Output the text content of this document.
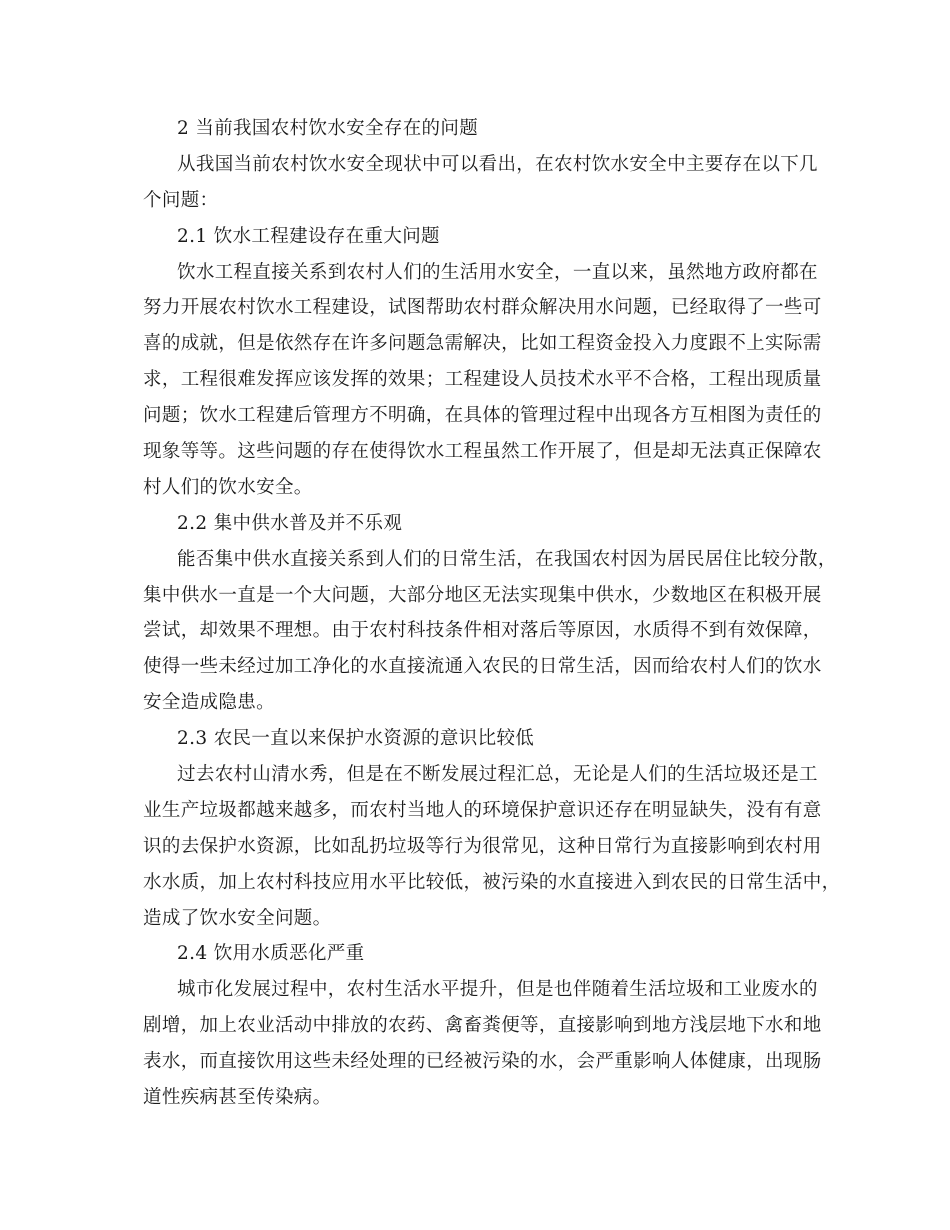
2 当前我国农村饮水安全存在的问题
从我国当前农村饮水安全现状中可以看出，在农村饮水安全中主要存在以下几
个问题：
2.1 饮水工程建设存在重大问题
饮水工程直接关系到农村人们的生活用水安全，一直以来，虽然地方政府都在
努力开展农村饮水工程建设，试图帮助农村群众解决用水问题，已经取得了一些可
喜的成就，但是依然存在许多问题急需解决，比如工程资金投入力度跟不上实际需
求，工程很难发挥应该发挥的效果；工程建设人员技术水平不合格，工程出现质量
问题；饮水工程建后管理方不明确，在具体的管理过程中出现各方互相图为责任的
现象等等。这些问题的存在使得饮水工程虽然工作开展了，但是却无法真正保障农
村人们的饮水安全。
2.2 集中供水普及并不乐观
能否集中供水直接关系到人们的日常生活，在我国农村因为居民居住比较分散，
集中供水一直是一个大问题，大部分地区无法实现集中供水，少数地区在积极开展
尝试，却效果不理想。由于农村科技条件相对落后等原因，水质得不到有效保障，
使得一些未经过加工净化的水直接流通入农民的日常生活，因而给农村人们的饮水
安全造成隐患。
2.3 农民一直以来保护水资源的意识比较低
过去农村山清水秀，但是在不断发展过程汇总，无论是人们的生活垃圾还是工
业生产垃圾都越来越多，而农村当地人的环境保护意识还存在明显缺失，没有有意
识的去保护水资源，比如乱扔垃圾等行为很常见，这种日常行为直接影响到农村用
水水质，加上农村科技应用水平比较低，被污染的水直接进入到农民的日常生活中，
造成了饮水安全问题。
2.4 饮用水质恶化严重
城市化发展过程中，农村生活水平提升，但是也伴随着生活垃圾和工业废水的
剧增，加上农业活动中排放的农药、禽畜粪便等，直接影响到地方浅层地下水和地
表水，而直接饮用这些未经处理的已经被污染的水，会严重影响人体健康，出现肠
道性疾病甚至传染病。
